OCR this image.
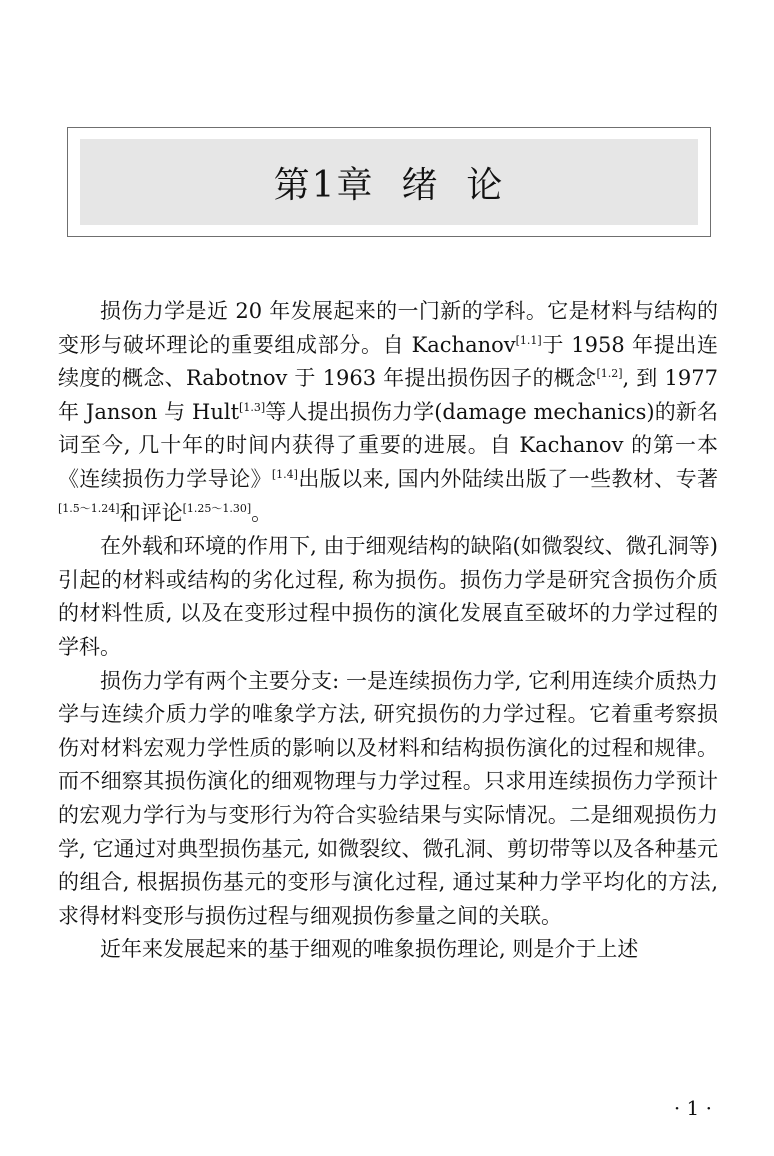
第1章  绪  论

损伤力学是近 20 年发展起来的一门新的学科。它是材料与结构的变形与破坏理论的重要组成部分。自 Kachanov[1.1]于 1958 年提出连续度的概念、Rabotnov 于 1963 年提出损伤因子的概念[1.2], 到 1977 年 Janson 与 Hult[1.3]等人提出损伤力学(damage mechanics)的新名词至今, 几十年的时间内获得了重要的进展。自 Kachanov 的第一本《连续损伤力学导论》[1.4]出版以来, 国内外陆续出版了一些教材、专著[1.5～1.24]和评论[1.25～1.30]。

在外载和环境的作用下, 由于细观结构的缺陷(如微裂纹、微孔洞等)引起的材料或结构的劣化过程, 称为损伤。损伤力学是研究含损伤介质的材料性质, 以及在变形过程中损伤的演化发展直至破坏的力学过程的学科。

损伤力学有两个主要分支: 一是连续损伤力学, 它利用连续介质热力学与连续介质力学的唯象学方法, 研究损伤的力学过程。它着重考察损伤对材料宏观力学性质的影响以及材料和结构损伤演化的过程和规律。而不细察其损伤演化的细观物理与力学过程。只求用连续损伤力学预计的宏观力学行为与变形行为符合实验结果与实际情况。二是细观损伤力学, 它通过对典型损伤基元, 如微裂纹、微孔洞、剪切带等以及各种基元的组合, 根据损伤基元的变形与演化过程, 通过某种力学平均化的方法, 求得材料变形与损伤过程与细观损伤参量之间的关联。

近年来发展起来的基于细观的唯象损伤理论, 则是介于上述

· 1 ·
